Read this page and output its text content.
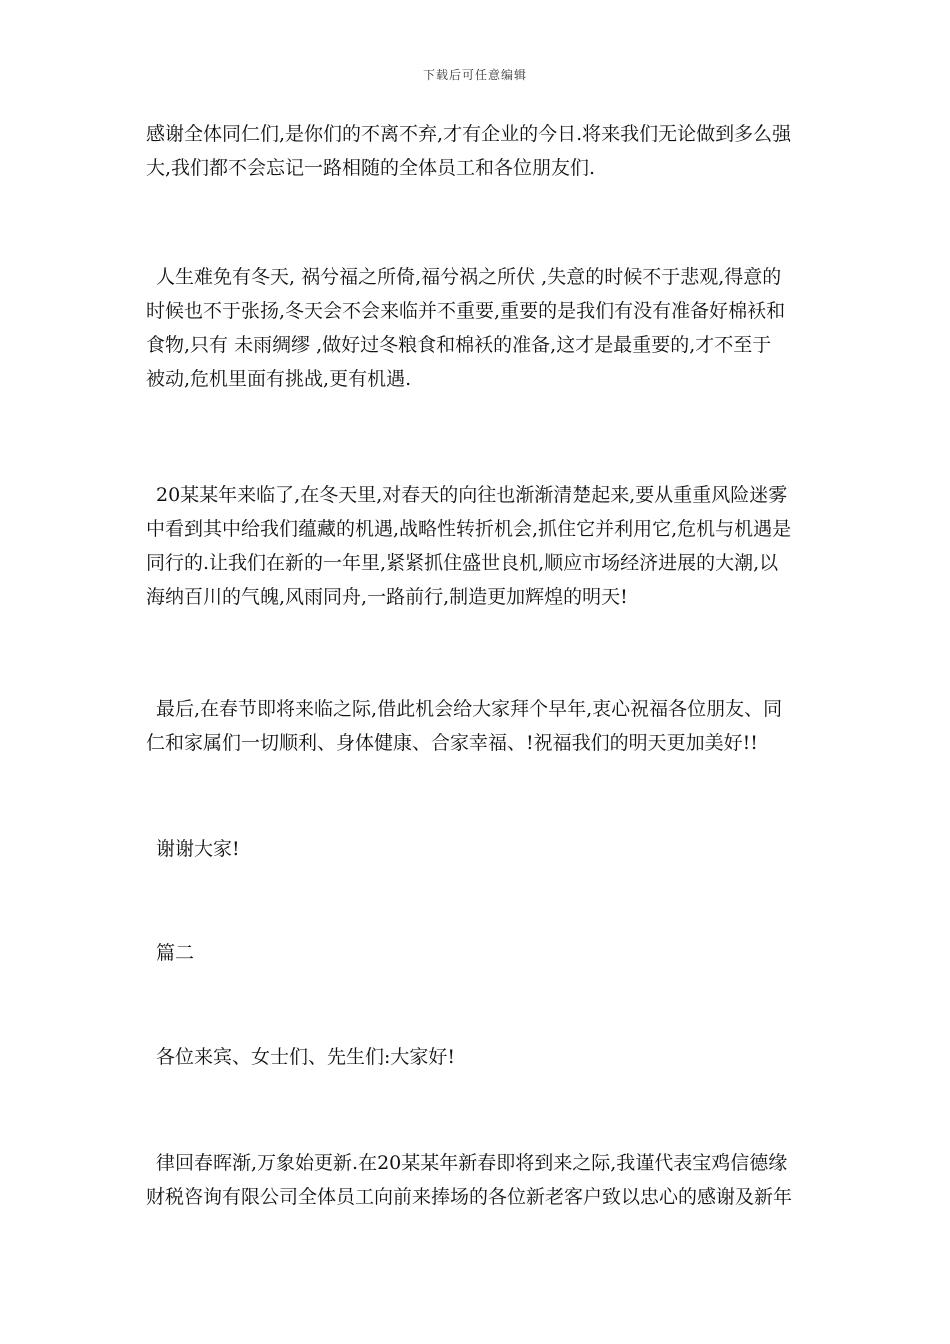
下载后可任意编辑
感谢全体同仁们,是你们的不离不弃,才有企业的今日.将来我们无论做到多么强
大,我们都不会忘记一路相随的全体员工和各位朋友们.
人生难免有冬天, 祸兮福之所倚,福兮祸之所伏 ,失意的时候不于悲观,得意的
时候也不于张扬,冬天会不会来临并不重要,重要的是我们有没有准备好棉袄和
食物,只有 未雨绸缪 ,做好过冬粮食和棉袄的准备,这才是最重要的,才不至于
被动,危机里面有挑战,更有机遇.
20某某年来临了,在冬天里,对春天的向往也渐渐清楚起来,要从重重风险迷雾
中看到其中给我们蕴藏的机遇,战略性转折机会,抓住它并利用它,危机与机遇是
同行的.让我们在新的一年里,紧紧抓住盛世良机,顺应市场经济进展的大潮,以
海纳百川的气魄,风雨同舟,一路前行,制造更加辉煌的明天!
最后,在春节即将来临之际,借此机会给大家拜个早年,衷心祝福各位朋友、同
仁和家属们一切顺利、身体健康、合家幸福、!祝福我们的明天更加美好!!
谢谢大家!
篇二
各位来宾、女士们、先生们:大家好!
律回春晖渐,万象始更新.在20某某年新春即将到来之际,我谨代表宝鸡信德缘
财税咨询有限公司全体员工向前来捧场的各位新老客户致以忠心的感谢及新年
